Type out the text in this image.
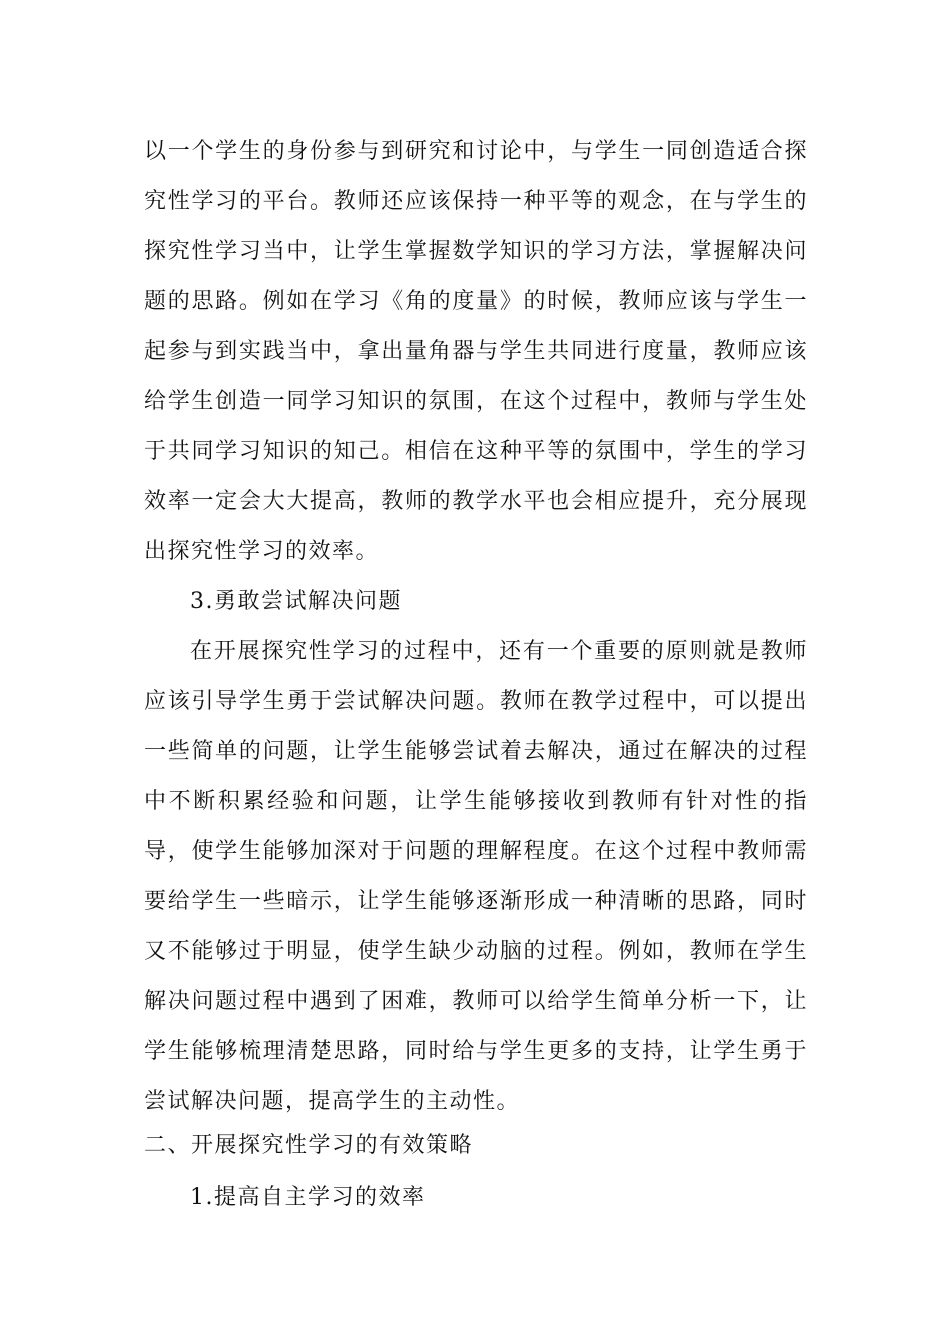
以一个学生的身份参与到研究和讨论中，与学生一同创造适合探究性学习的平台。教师还应该保持一种平等的观念，在与学生的探究性学习当中，让学生掌握数学知识的学习方法，掌握解决问题的思路。例如在学习《角的度量》的时候，教师应该与学生一起参与到实践当中，拿出量角器与学生共同进行度量，教师应该给学生创造一同学习知识的氛围，在这个过程中，教师与学生处于共同学习知识的知己。相信在这种平等的氛围中，学生的学习效率一定会大大提高，教师的教学水平也会相应提升，充分展现出探究性学习的效率。
3.勇敢尝试解决问题
在开展探究性学习的过程中，还有一个重要的原则就是教师应该引导学生勇于尝试解决问题。教师在教学过程中，可以提出一些简单的问题，让学生能够尝试着去解决，通过在解决的过程中不断积累经验和问题，让学生能够接收到教师有针对性的指导，使学生能够加深对于问题的理解程度。在这个过程中教师需要给学生一些暗示，让学生能够逐渐形成一种清晰的思路，同时又不能够过于明显，使学生缺少动脑的过程。例如，教师在学生解决问题过程中遇到了困难，教师可以给学生简单分析一下，让学生能够梳理清楚思路，同时给与学生更多的支持，让学生勇于尝试解决问题，提高学生的主动性。
二、开展探究性学习的有效策略
1.提高自主学习的效率
